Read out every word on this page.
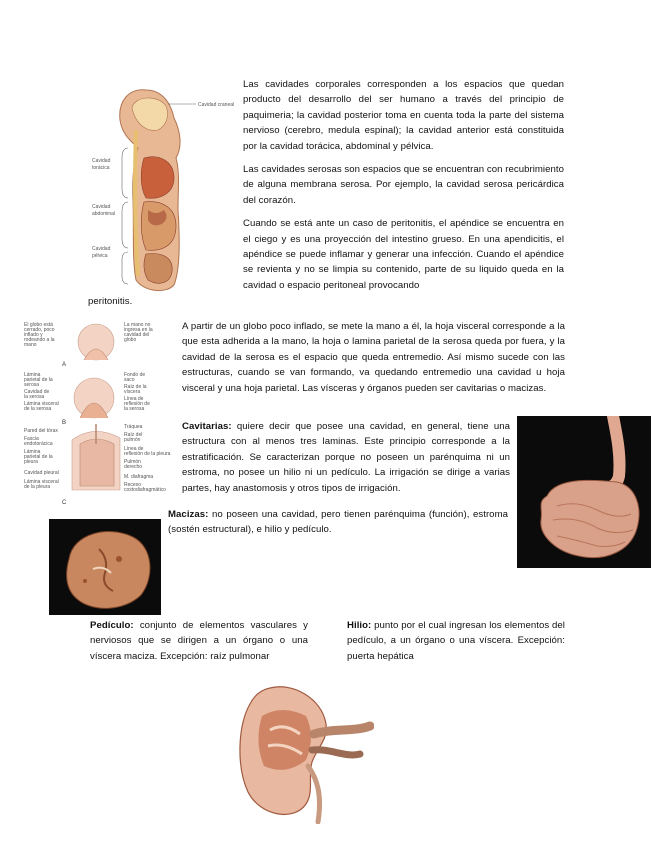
Cavidad craneal
Cavidad
torácica
Cavidad
abdominal
Cavidad
pélvica

Las cavidades corporales corresponden a los espacios que quedan producto del desarrollo del ser humano a través del principio de paquimeria; la cavidad posterior toma en cuenta toda la parte del sistema nervioso (cerebro, medula espinal); la cavidad anterior está constituida por la cavidad torácica, abdominal y pélvica.

Las cavidades serosas son espacios que se encuentran con recubrimiento de alguna membrana serosa. Por ejemplo, la cavidad serosa pericárdica del corazón.

Cuando se está ante un caso de peritonitis, el apéndice se encuentra en el ciego y es una proyección del intestino grueso. En una apendicitis, el apéndice se puede inflamar y generar una infección. Cuando el apéndice se revienta y no se limpia su contenido, parte de su liquido queda en la cavidad o espacio peritoneal provocando

peritonitis.
A
El globo está
cerrado, poco
inflado y
rodeando a la
mano
La mano no
ingresa en la
cavidad del
globo
B
Lámina
parietal de la
serosa
Cavidad de
la serosa
Lámina visceral
de la serosa
Fondo de
saco
Raíz de la
víscera
Línea de
reflexión de
la serosa
C
Pared del tórax
Fascia
endotorácica
Lámina
parietal de la
pleura
Cavidad pleural
Lámina visceral
de la pleura
Tráquea
Raíz del
pulmón
Línea de
reflexión de la pleura
Pulmón
derecho
M. diafragma
Receso
costodiafragmático
A partir de un globo poco inflado, se mete la mano a él, la hoja visceral corresponde a la que esta adherida a la mano, la hoja o lamina parietal de la serosa queda por fuera, y la cavidad de la serosa es el espacio que queda entremedio. Así mismo sucede con las estructuras, cuando se van formando, va quedando entremedio una cavidad u hoja visceral y una hoja parietal. Las vísceras y órganos pueden ser cavitarias o macizas.
Cavitarias: quiere decir que posee una cavidad, en general, tiene una estructura con al menos tres laminas. Este principio corresponde a la estratificación. Se caracterizan porque no poseen un parénquima ni un estroma, no posee un hilio ni un pedículo. La irrigación se dirige a varias partes, hay anastomosis y otros tipos de irrigación.
Macizas: no poseen una cavidad, pero tienen parénquima (función), estroma (sostén estructural), e hilio y pedículo.
Pedículo: conjunto de elementos vasculares y nerviosos que se dirigen a un órgano o una víscera maciza. Excepción: raíz pulmonar
Hilio: punto por el cual ingresan los elementos del pedículo, a un órgano o una víscera. Excepción: puerta hepática
